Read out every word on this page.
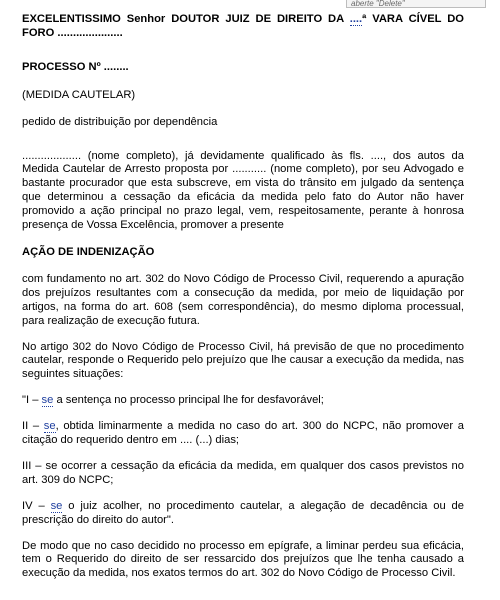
aberte "Delete"

EXCELENTISSIMO Senhor DOUTOR JUIZ DE DIREITO DA ....ª VARA CÍVEL DO FORO .....................

PROCESSO Nº ........

(MEDIDA CAUTELAR)

pedido de distribuição por dependência

................... (nome completo), já devidamente qualificado às fls. ...., dos autos da Medida Cautelar de Arresto proposta por ........... (nome completo), por seu Advogado e bastante procurador que esta subscreve, em vista do trânsito em julgado da sentença que determinou a cessação da eficácia da medida pelo fato do Autor não haver promovido a ação principal no prazo legal, vem, respeitosamente, perante à honrosa presença de Vossa Excelência, promover a presente

AÇÃO DE INDENIZAÇÃO

com fundamento no art. 302 do Novo Código de Processo Civil, requerendo a apuração dos prejuízos resultantes com a consecução da medida, por meio de liquidação por artigos, na forma do art. 608 (sem correspondência), do mesmo diploma processual, para realização de execução futura.

No artigo 302 do Novo Código de Processo Civil, há previsão de que no procedimento cautelar, responde o Requerido pelo prejuízo que lhe causar a execução da medida, nas seguintes situações:

"I – se a sentença no processo principal lhe for desfavorável;

II – se, obtida liminarmente a medida no caso do art. 300 do NCPC, não promover a citação do requerido dentro em .... (...) dias;

III – se ocorrer a cessação da eficácia da medida, em qualquer dos casos previstos no art. 309 do NCPC;

IV – se o juiz acolher, no procedimento cautelar, a alegação de decadência ou de prescrição do direito do autor".

De modo que no caso decidido no processo em epígrafe, a liminar perdeu sua eficácia, tem o Requerido do direito de ser ressarcido dos prejuízos que lhe tenha causado a execução da medida, nos exatos termos do art. 302 do Novo Código de Processo Civil.
